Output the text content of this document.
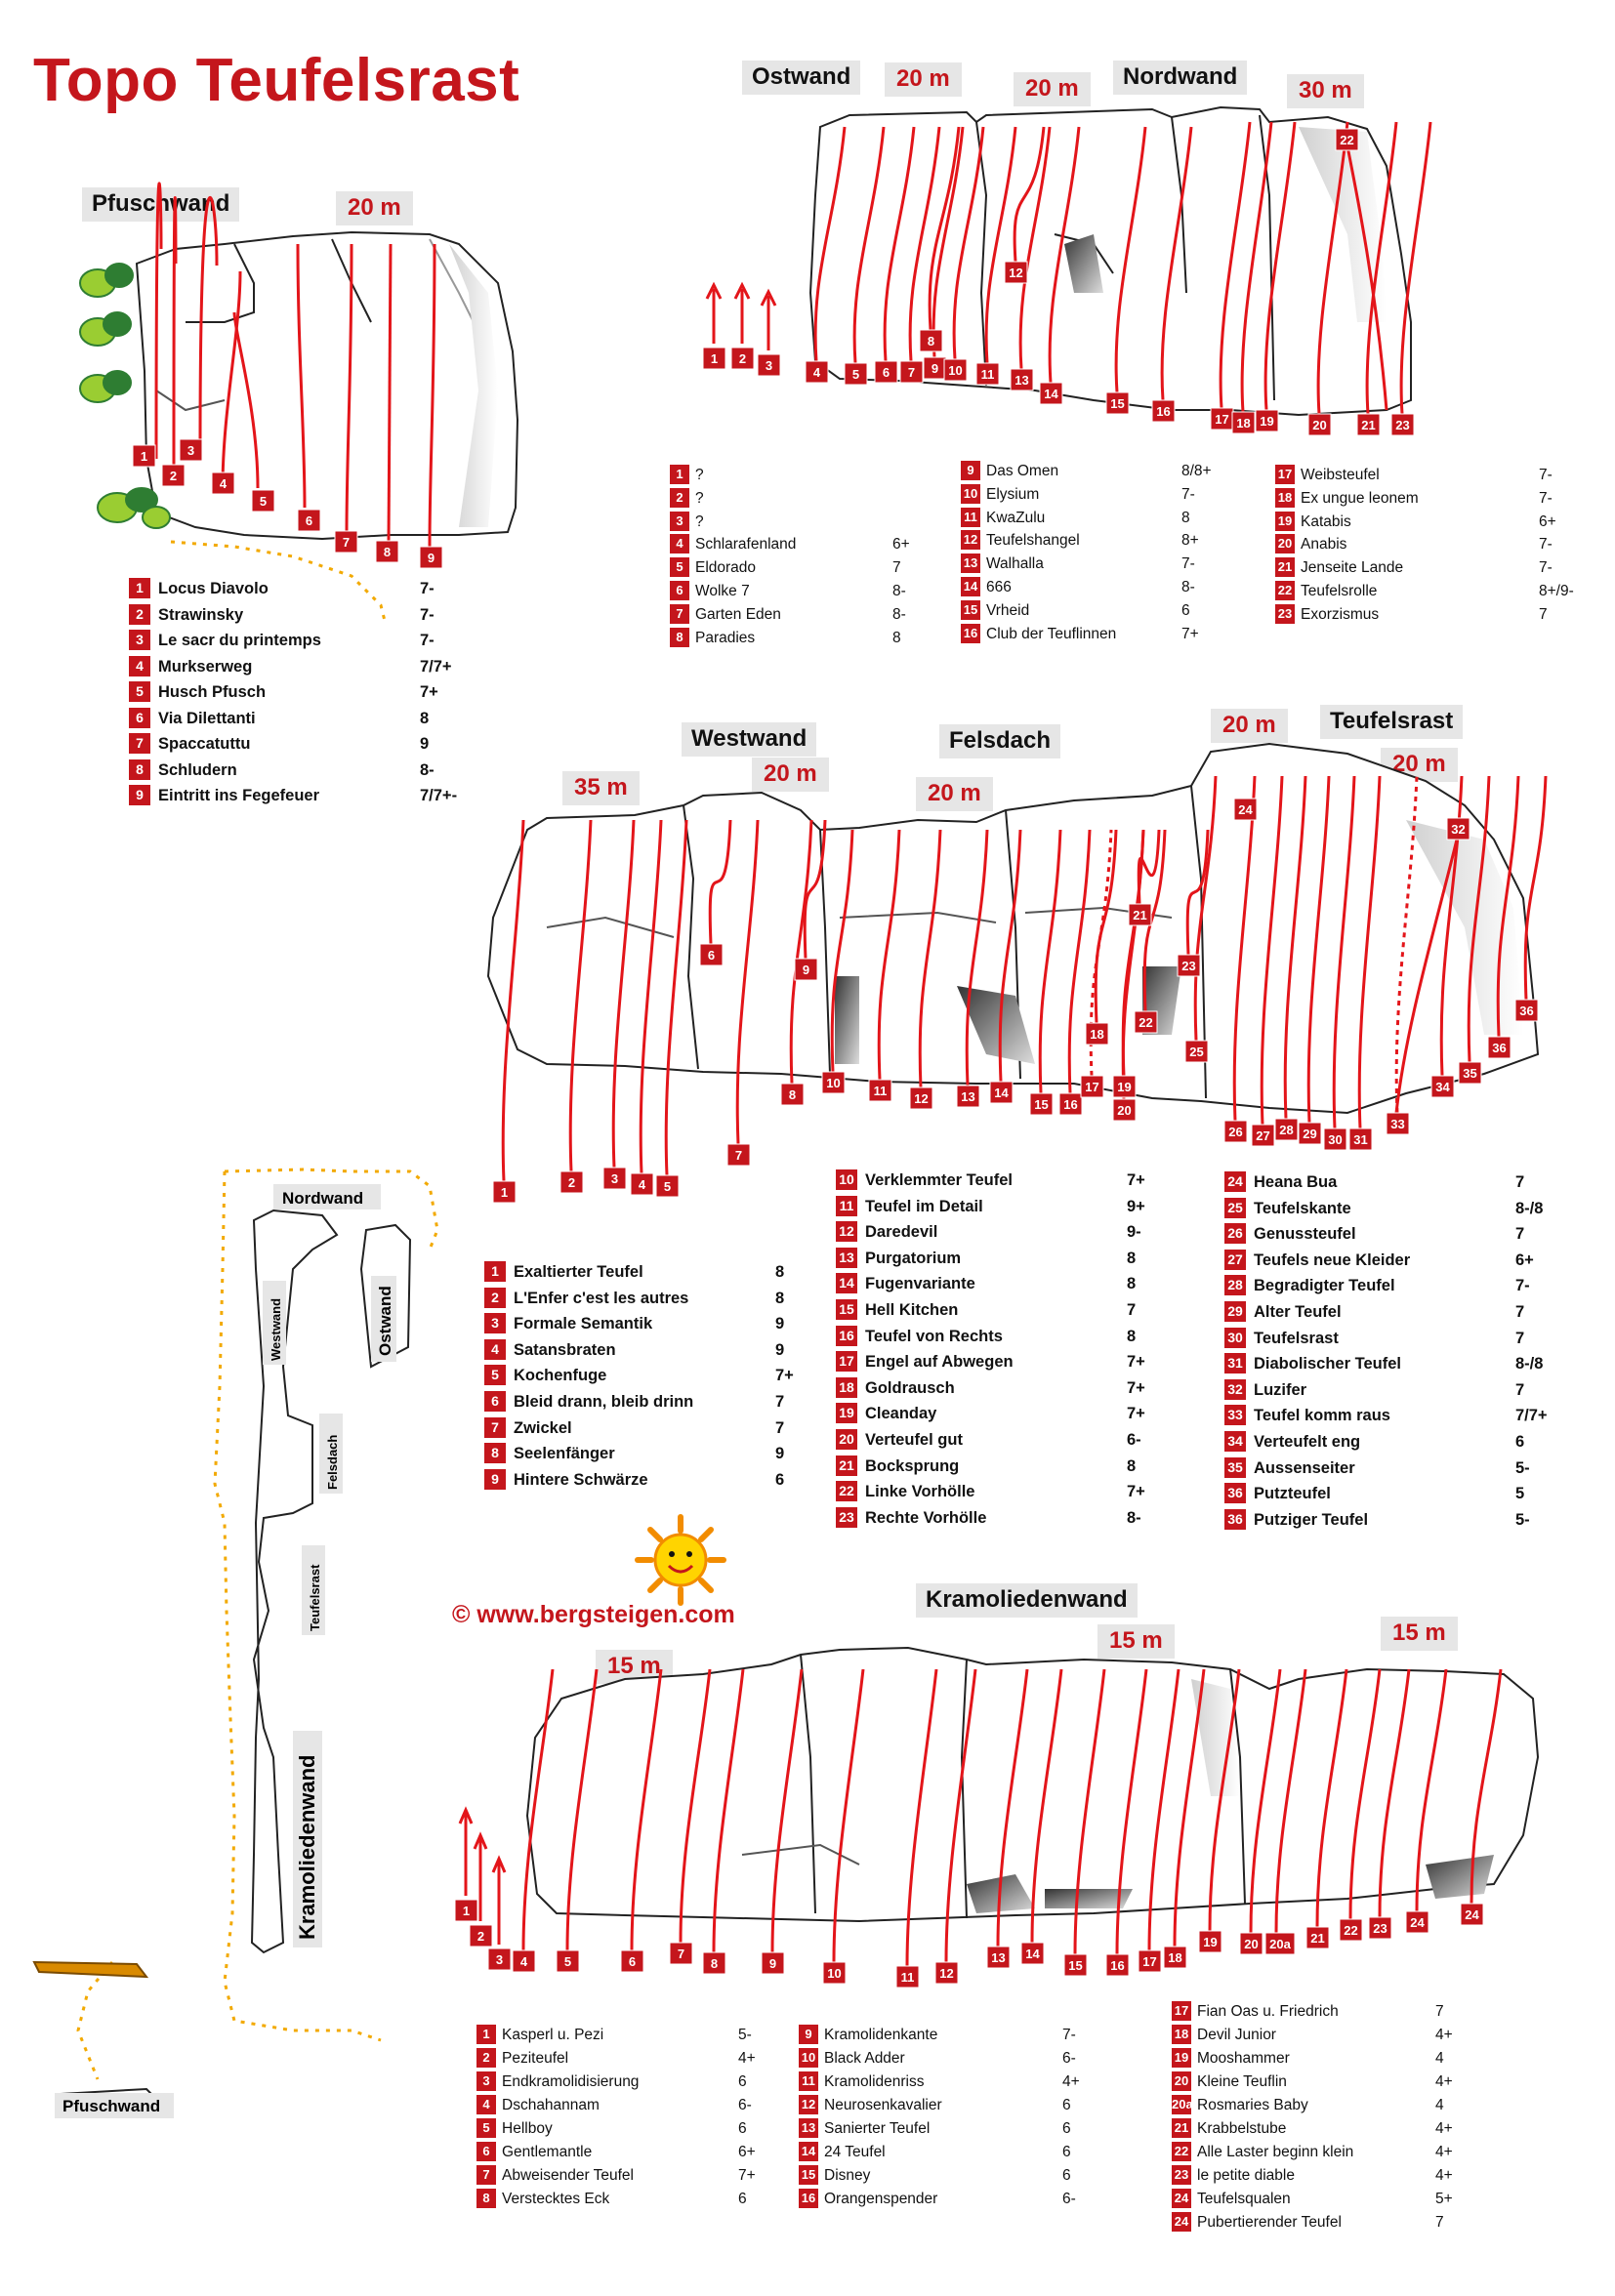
Topo Teufelsrast
Pfuschwand	20 m
Ostwand	Nordwand
20 m	20 m	30 m
Westwand	Felsdach
Teufelsrast
35 m
20 m
20 m
20 m
20 m
Kramoliedenwand
15 m
15 m	15 m
1
2
3
4
5
6
7
8	9
1 2 3	4	5 6 7
8
9 10 11
12
13
14
15
16
17 18 19	20	21
22
23
1
2	3 4 5
6
7
8
9
10
11
12	13 14
15 16
17
18
19
20
21
22
23
24
25
26 27 28 29 30 31
32
33
34
35
36
36
1
2
3 4	5	6
7
8	9
10	11 12
13 14
15 16 17 18
19 20 20a 21
22 23 24
24
Nordwand
Westwand	Ostwand
Felsdach
Teufelsrast
Kramoliedenwand
Pfuschwand
© www.bergsteigen.com
1 Locus Diavolo	7-
2 Strawinsky	7-
3 Le sacr du printemps	7-
4 Murkserweg	7/7+
5 Husch Pfusch	7+
6 Via Dilettanti	8
7 Spaccatuttu	9
8 Schludern	8-
9 Eintritt ins Fegefeuer	7/7+-
1 ?
2 ?
3 ?
4 Schlarafenland	6+
5 Eldorado	7
6 Wolke 7	8-
7 Garten Eden	8-
8 Paradies	8
9 Das Omen	8/8+
10 Elysium	7-
11 KwaZulu	8
12 Teufelshangel	8+
13 Walhalla	7-
14 666	8-
15 Vrheid	6
16 Club der Teuflinnen	7+
17 Weibsteufel	7-
18 Ex ungue leonem	7-
19 Katabis	6+
20 Anabis	7-
21 Jenseite Lande	7-
22 Teufelsrolle	8+/9-
23 Exorzismus	7
1 Exaltierter Teufel	8
2 L'Enfer c'est les autres	8
3 Formale Semantik	9
4 Satansbraten	9
5 Kochenfuge	7+
6 Bleid drann, bleib drinn	7
7 Zwickel	7
8 Seelenfänger	9
9 Hintere Schwärze	6
10 Verklemmter Teufel	7+
11 Teufel im Detail	9+
12 Daredevil	9-
13 Purgatorium	8
14 Fugenvariante	8
15 Hell Kitchen	7
16 Teufel von Rechts	8
17 Engel auf Abwegen	7+
18 Goldrausch	7+
19 Cleanday	7+
20 Verteufel gut	6-
21 Bocksprung	8
22 Linke Vorhölle	7+
23 Rechte Vorhölle	8-
24 Heana Bua	7
25 Teufelskante	8-/8
26 Genussteufel	7
27 Teufels neue Kleider	6+
28 Begradigter Teufel	7-
29 Alter Teufel	7
30 Teufelsrast	7
31 Diabolischer Teufel	8-/8
32 Luzifer	7
33 Teufel komm raus	7/7+
34 Verteufelt eng	6
35 Aussenseiter	5-
36 Putzteufel	5
36 Putziger Teufel	5-
1 Kasperl u. Pezi	5-
2 Peziteufel	4+
3 Endkramolidisierung	6
4 Dschahannam	6-
5 Hellboy	6
6 Gentlemantle	6+
7 Abweisender Teufel	7+
8 Verstecktes Eck	6
9 Kramolidenkante	7-
10 Black Adder	6-
11 Kramolidenriss	4+
12 Neurosenkavalier	6
13 Sanierter Teufel	6
14 24 Teufel	6
15 Disney	6
16 Orangenspender	6-
17 Fian Oas u. Friedrich	7
18 Devil Junior	4+
19 Mooshammer	4
20 Kleine Teuflin	4+
20a Rosmaries Baby	4
21 Krabbelstube	4+
22 Alle Laster beginn klein	4+
23 le petite diable	4+
24 Teufelsqualen	5+
24 Pubertierender Teufel	7
